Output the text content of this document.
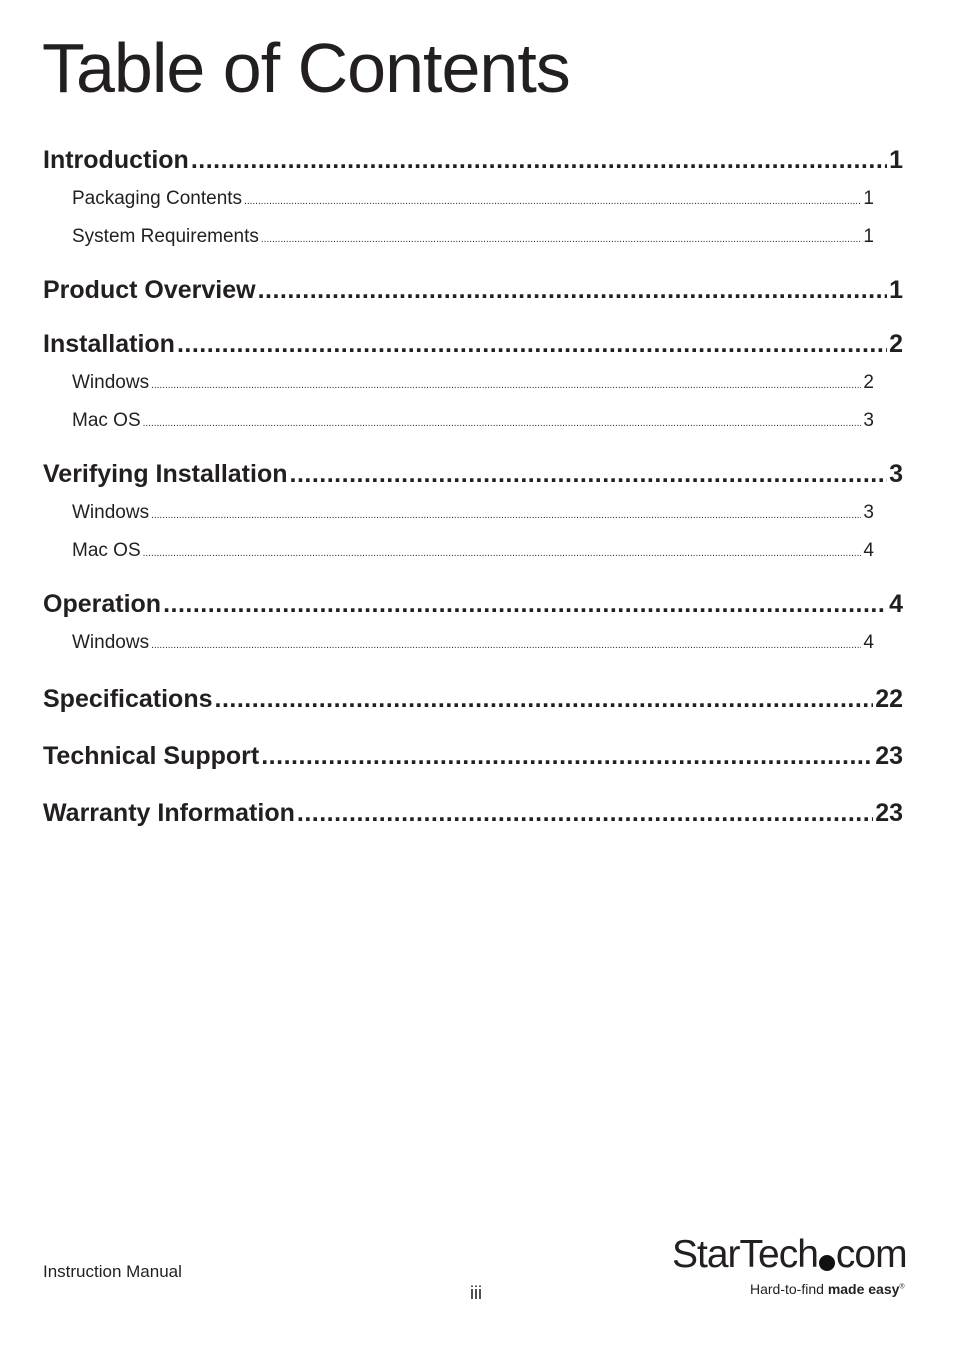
Table of Contents
Introduction .....	1
Packaging Contents .....	1
System Requirements .....	1
Product Overview .....	1
Installation .....	2
Windows .....	2
Mac OS .....	3
Verifying Installation .....	3
Windows .....	3
Mac OS .....	4
Operation .....	4
Windows .....	4
Specifications .....	22
Technical Support .....	23
Warranty Information .....	23
Instruction Manual
iii
StarTech com
Hard-to-find made easy®
